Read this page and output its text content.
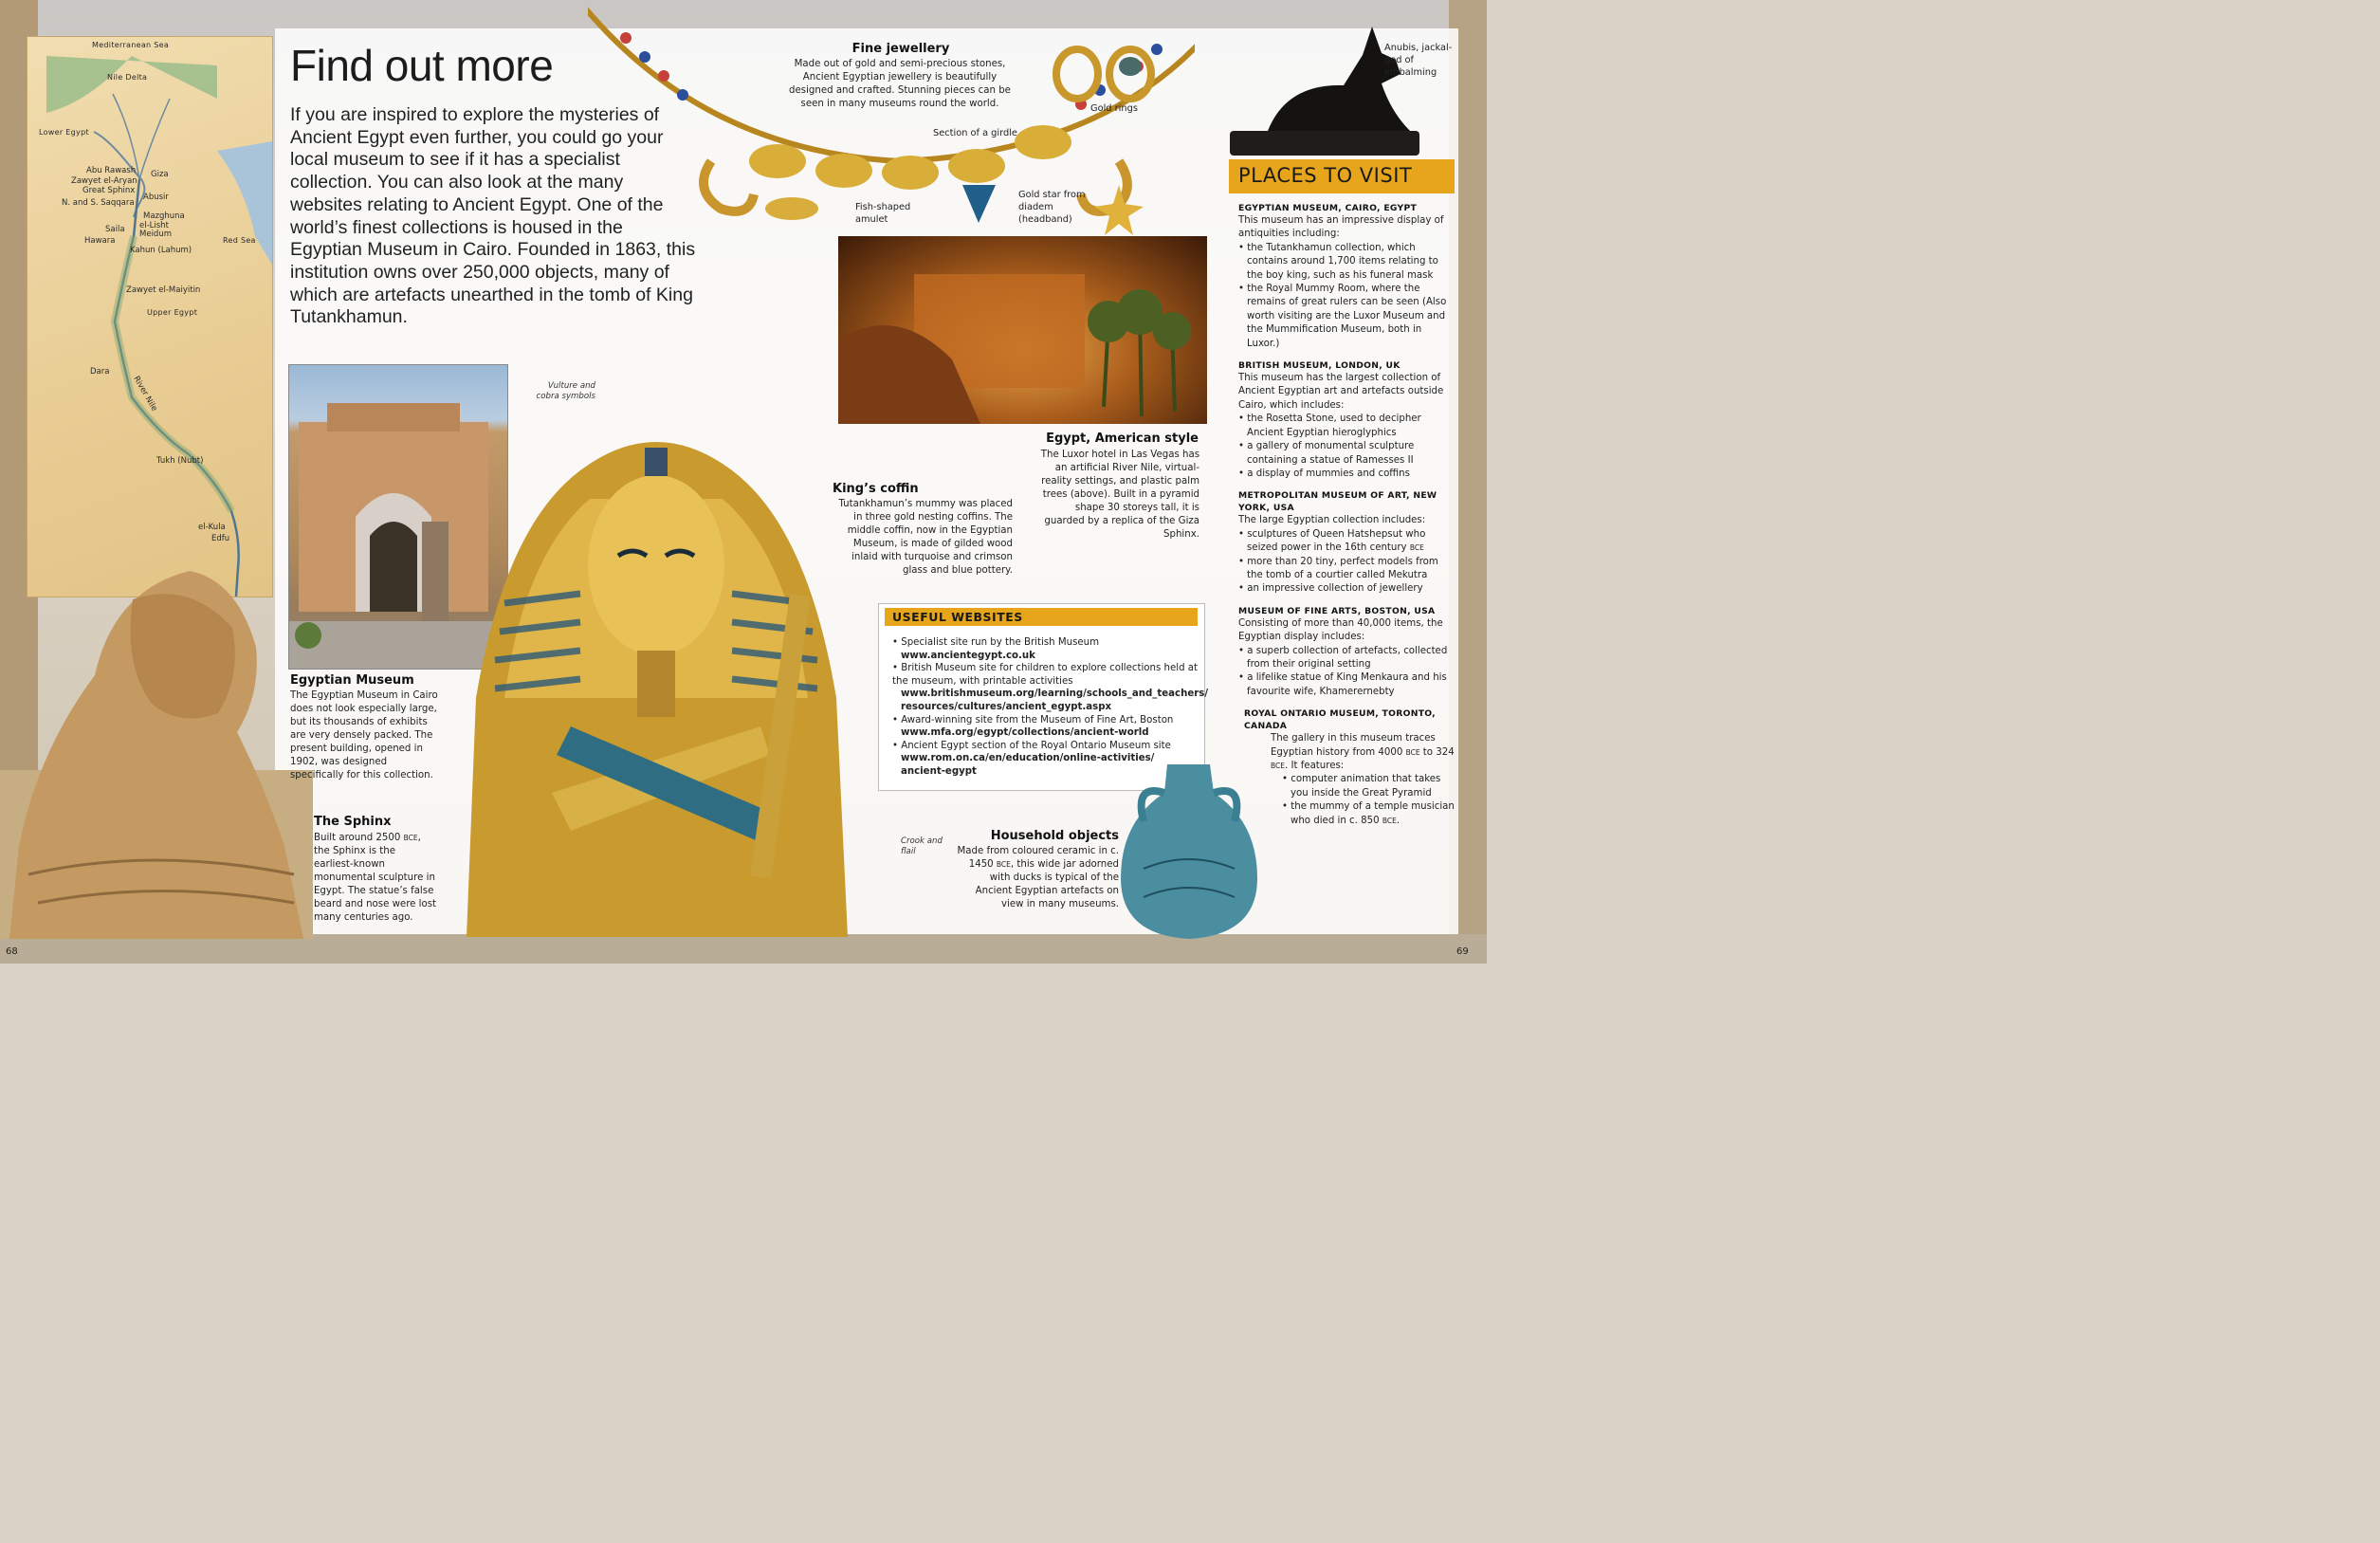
Mediterranean Sea
Nile Delta
Lower Egypt
Abu Rawash Giza
Zawyet el-Aryan
Great Sphinx
Abusir
N. and S. Saqqara
Mazghuna
el-Lisht
Saila Meidum
Hawara
Kahun (Lahum)
Red Sea
Zawyet el-Maiyitin
Upper Egypt
Dara
River Nile
Tukh (Nubt)
el-Kula
Edfu
Find out more
If you are inspired to explore the mysteries of Ancient Egypt even further, you could go your local museum to see if it has a specialist collection. You can also look at the many websites relating to Ancient Egypt. One of the world’s finest collections is housed in the Egyptian Museum in Cairo. Founded in 1863, this institution owns over 250,000 objects, many of which are artefacts unearthed in the tomb of King Tutankhamun.
Egyptian Museum
The Egyptian Museum in Cairo does not look especially large, but its thousands of exhibits are very densely packed. The present building, opened in 1902, was designed specifically for this collection.
The Sphinx
Built around 2500 BCE, the Sphinx is the earliest-known monumental sculpture in Egypt. The statue’s false beard and nose were lost many centuries ago.
Vulture and cobra symbols
Crook and flail
King’s coffin
Tutankhamun’s mummy was placed in three gold nesting coffins. The middle coffin, now in the Egyptian Museum, is made of gilded wood inlaid with turquoise and crimson glass and blue pottery.
Fine jewellery
Made out of gold and semi-precious stones, Ancient Egyptian jewellery is beautifully designed and crafted. Stunning pieces can be seen in many museums round the world.	Gold rings
Section of a girdle
Fish-shaped amulet
Gold star from diadem (headband)
Anubis, jackal-god of embalming
Egypt, American style
The Luxor hotel in Las Vegas has an artificial River Nile, virtual-reality settings, and plastic palm trees (above). Built in a pyramid shape 30 storeys tall, it is guarded by a replica of the Giza Sphinx.
USEFUL WEBSITES
• Specialist site run by the British Museum
www.ancientegypt.co.uk
• British Museum site for children to explore collections held at the museum, with printable activities
www.britishmuseum.org/learning/schools_and_teachers/ resources/cultures/ancient_egypt.aspx
• Award-winning site from the Museum of Fine Art, Boston
www.mfa.org/egypt/collections/ancient-world
• Ancient Egypt section of the Royal Ontario Museum site
www.rom.on.ca/en/education/online-activities/ ancient-egypt
Household objects
Made from coloured ceramic in c. 1450 BCE, this wide jar adorned with ducks is typical of the Ancient Egyptian artefacts on view in many museums.
PLACES TO VISIT
EGYPTIAN MUSEUM, CAIRO, EGYPT
This museum has an impressive display of antiquities including:
• the Tutankhamun collection, which contains around 1,700 items relating to the boy king, such as his funeral mask
• the Royal Mummy Room, where the remains of great rulers can be seen (Also worth visiting are the Luxor Museum and the Mummification Museum, both in Luxor.)
BRITISH MUSEUM, LONDON, UK
This museum has the largest collection of Ancient Egyptian art and artefacts outside Cairo, which includes:
• the Rosetta Stone, used to decipher Ancient Egyptian hieroglyphics
• a gallery of monumental sculpture containing a statue of Ramesses II
• a display of mummies and coffins
METROPOLITAN MUSEUM OF ART, NEW YORK, USA
The large Egyptian collection includes:
• sculptures of Queen Hatshepsut who seized power in the 16th century BCE
• more than 20 tiny, perfect models from the tomb of a courtier called Mekutra
• an impressive collection of jewellery
MUSEUM OF FINE ARTS, BOSTON, USA
Consisting of more than 40,000 items, the Egyptian display includes:
• a superb collection of artefacts, collected from their original setting
• a lifelike statue of King Menkaura and his favourite wife, Khamerernebty
ROYAL ONTARIO MUSEUM, TORONTO, CANADA
The gallery in this museum traces Egyptian history from 4000 BCE to 324 BCE. It features:
• computer animation that takes you inside the Great Pyramid
• the mummy of a temple musician who died in c. 850 BCE.
68	69
